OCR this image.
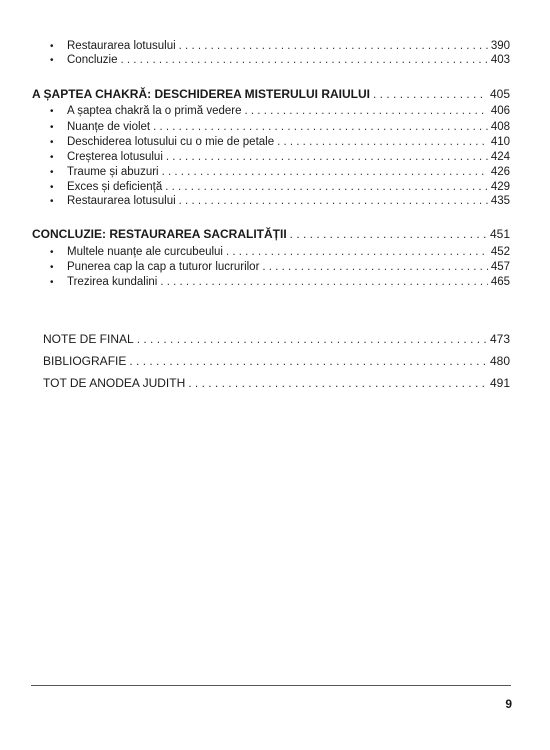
•	Restaurarea lotusului . . .	390
•	Concluzie . . .	403
A ȘAPTEA CHAKRĂ: DESCHIDEREA MISTERULUI RAIULUI . . .	405
•	A șaptea chakră la o primă vedere . . .	406
•	Nuanțe de violet . . .	408
•	Deschiderea lotusului cu o mie de petale . . .	410
•	Creșterea lotusului . . .	424
•	Traume și abuzuri . . .	426
•	Exces și deficiență . . .	429
•	Restaurarea lotusului . . .	435
CONCLUZIE: RESTAURAREA SACRALITĂȚII . . .	451
•	Multele nuanțe ale curcubeului . . .	452
•	Punerea cap la cap a tuturor lucrurilor . . .	457
•	Trezirea kundalini . . .	465
NOTE DE FINAL . . .	473
BIBLIOGRAFIE . . .	480
TOT DE ANODEA JUDITH . . .	491
9
